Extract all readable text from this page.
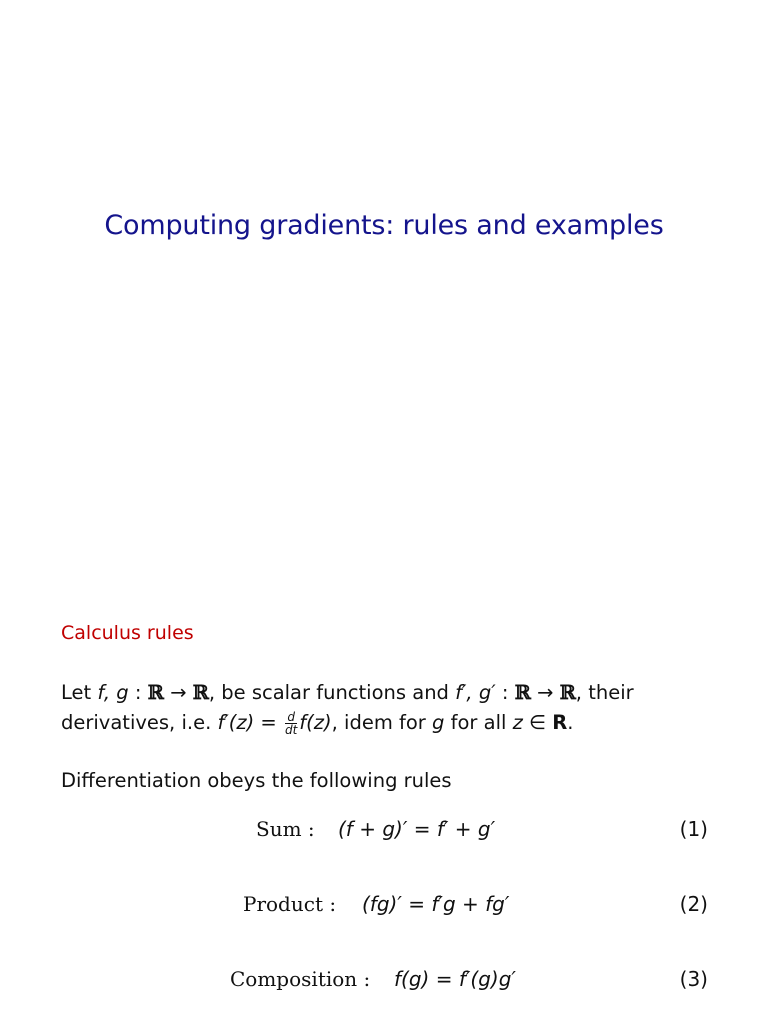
Computing gradients: rules and examples
Calculus rules
Let f, g : ℝ → ℝ, be scalar functions and f′, g′ : ℝ → ℝ, their
derivatives, i.e. $f'(z) = \frac{d}{dt} f(z)$, idem for g for all z ∈ R.
Differentiation obeys the following rules
Sum : (f + g)′ = f′ + g′	(1)
Product : (fg)′ = f′g + fg′	(2)
Composition : f(g) = f′(g)g′	(3)
